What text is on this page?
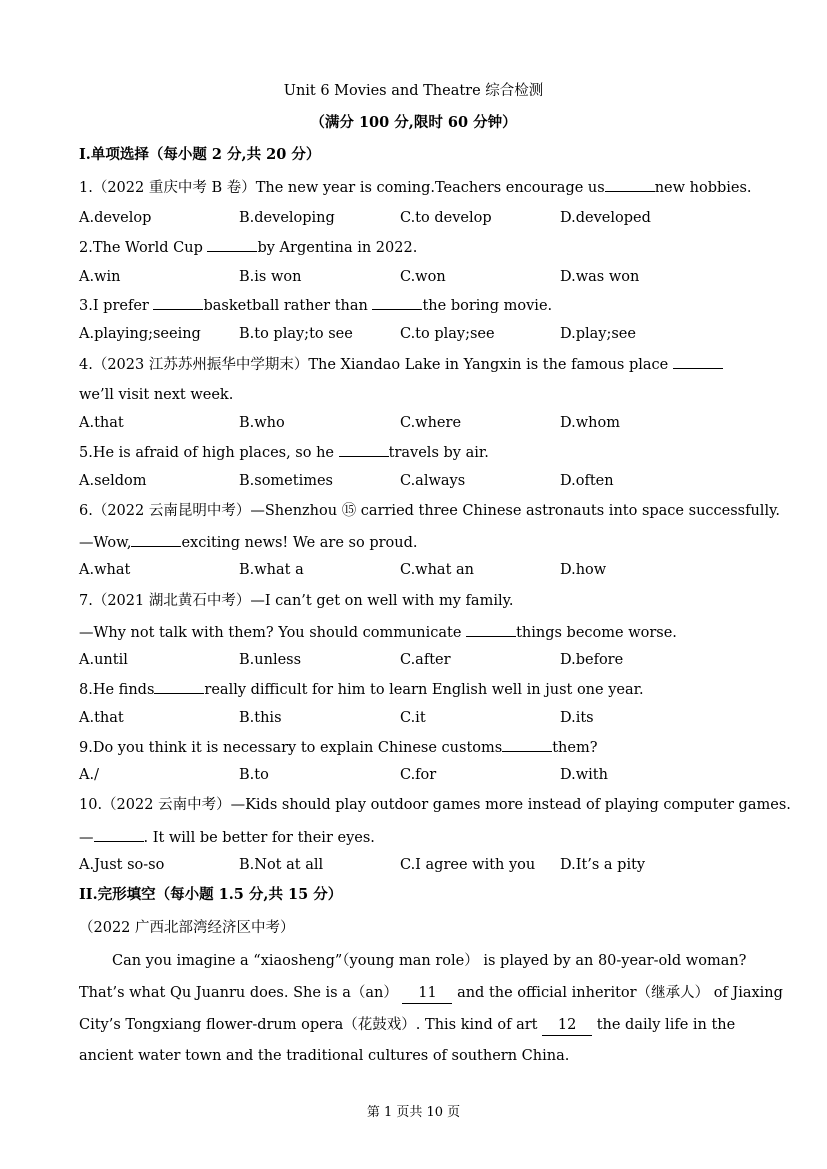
Unit 6 Movies and Theatre 综合检测
（满分 100 分,限时 60 分钟）
I.单项选择（每小题 2 分,共 20 分）
1.（2022 重庆中考 B 卷）The new year is coming.Teachers encourage us	new hobbies.
A.develop	B.developing	C.to develop	D.developed
2.The World Cup	by Argentina in 2022.
A.win	B.is won	C.won	D.was won
3.I prefer	basketball rather than	the boring movie.
A.playing;seeing	B.to play;to see	C.to play;see	D.play;see
4.（2023 江苏苏州振华中学期末）The Xiandao Lake in Yangxin is the famous place
we’ll visit next week.
A.that	B.who	C.where	D.whom
5.He is afraid of high places, so he	travels by air.
A.seldom	B.sometimes	C.always	D.often
6.（2022 云南昆明中考）—Shenzhou ⑮ carried three Chinese astronauts into space successfully.
—Wow,	exciting news! We are so proud.
A.what	B.what a	C.what an	D.how
7.（2021 湖北黄石中考）—I can’t get on well with my family.
—Why not talk with them? You should communicate	things become worse.
A.until	B.unless	C.after	D.before
8.He finds	really difficult for him to learn English well in just one year.
A.that	B.this	C.it	D.its
9.Do you think it is necessary to explain Chinese customs	them?
A./	B.to	C.for	D.with
10.（2022 云南中考）—Kids should play outdoor games more instead of playing computer games.
—	. It will be better for their eyes.
A.Just so-so	B.Not at all	C.I agree with you D.It’s a pity
II.完形填空（每小题 1.5 分,共 15 分）
（2022 广西北部湾经济区中考）
Can you imagine a “xiaosheng”（young man role） is played by an 80-year-old woman?
That’s what Qu Juanru does. She is a（an） 11 and the official inheritor（继承人） of Jiaxing
City’s Tongxiang flower-drum opera（花鼓戏）. This kind of art 12 the daily life in the
ancient water town and the traditional cultures of southern China.
第 1 页共 10 页
